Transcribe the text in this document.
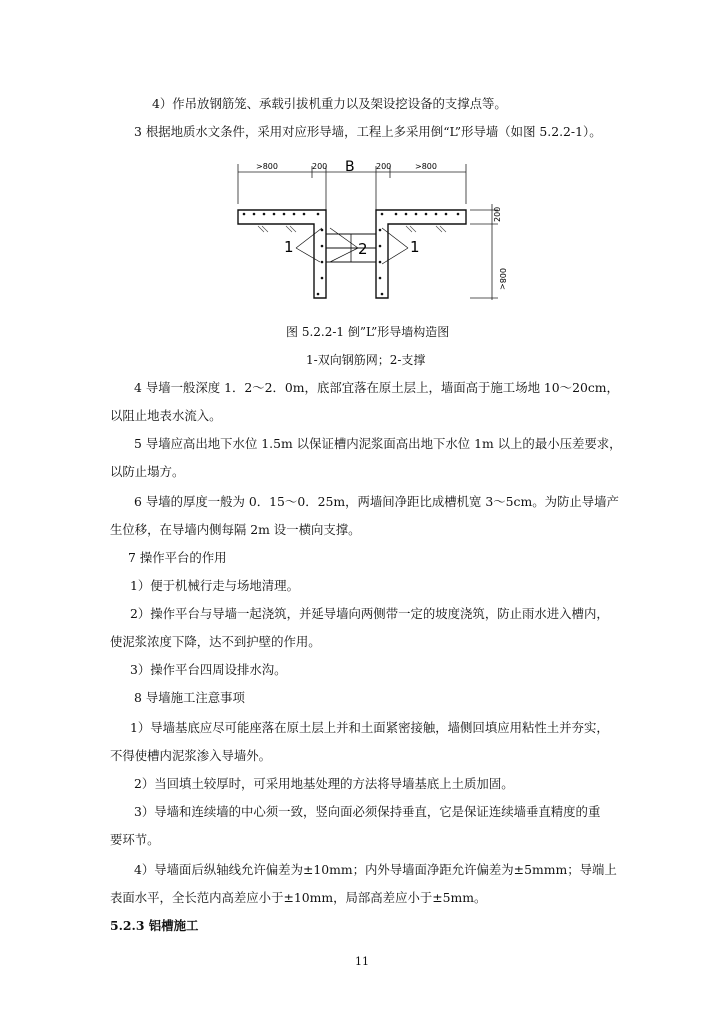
4）作吊放钢筋笼、承载引拔机重力以及架设挖设备的支撑点等。
3 根据地质水文条件，采用对应形导墙，工程上多采用倒“L”形导墙（如图 5.2.2-1）。
>800	200 B	200	>800
1	2	1
200
008<
图 5.2.2-1 倒”L”形导墙构造图
1-双向钢筋网；2-支撑
4 导墙一般深度 1．2～2．0m，底部宜落在原土层上，墙面高于施工场地 10～20cm，
以阻止地表水流入。
5 导墙应高出地下水位 1.5m 以保证槽内泥浆面高出地下水位 1m 以上的最小压差要求，
以防止塌方。
6 导墙的厚度一般为 0．15～0．25m，两墙间净距比成槽机宽 3～5cm。为防止导墙产
生位移，在导墙内侧每隔 2m 设一横向支撑。
7 操作平台的作用
1）便于机械行走与场地清理。
2）操作平台与导墙一起浇筑，并延导墙向两侧带一定的坡度浇筑，防止雨水进入槽内，
使泥浆浓度下降，达不到护壁的作用。
3）操作平台四周设排水沟。
8 导墙施工注意事项
1）导墙基底应尽可能座落在原土层上并和土面紧密接触，墙侧回填应用粘性土并夯实，
不得使槽内泥浆渗入导墙外。
2）当回填土较厚时，可采用地基处理的方法将导墙基底上土质加固。
3）导墙和连续墙的中心须一致，竖向面必须保持垂直，它是保证连续墙垂直精度的重
要环节。
4）导墙面后纵轴线允许偏差为±10mm；内外导墙面净距允许偏差为±5mmm；导端上
表面水平，全长范内高差应小于±10mm，局部高差应小于±5mm。
5.2.3 铝槽施工
11
